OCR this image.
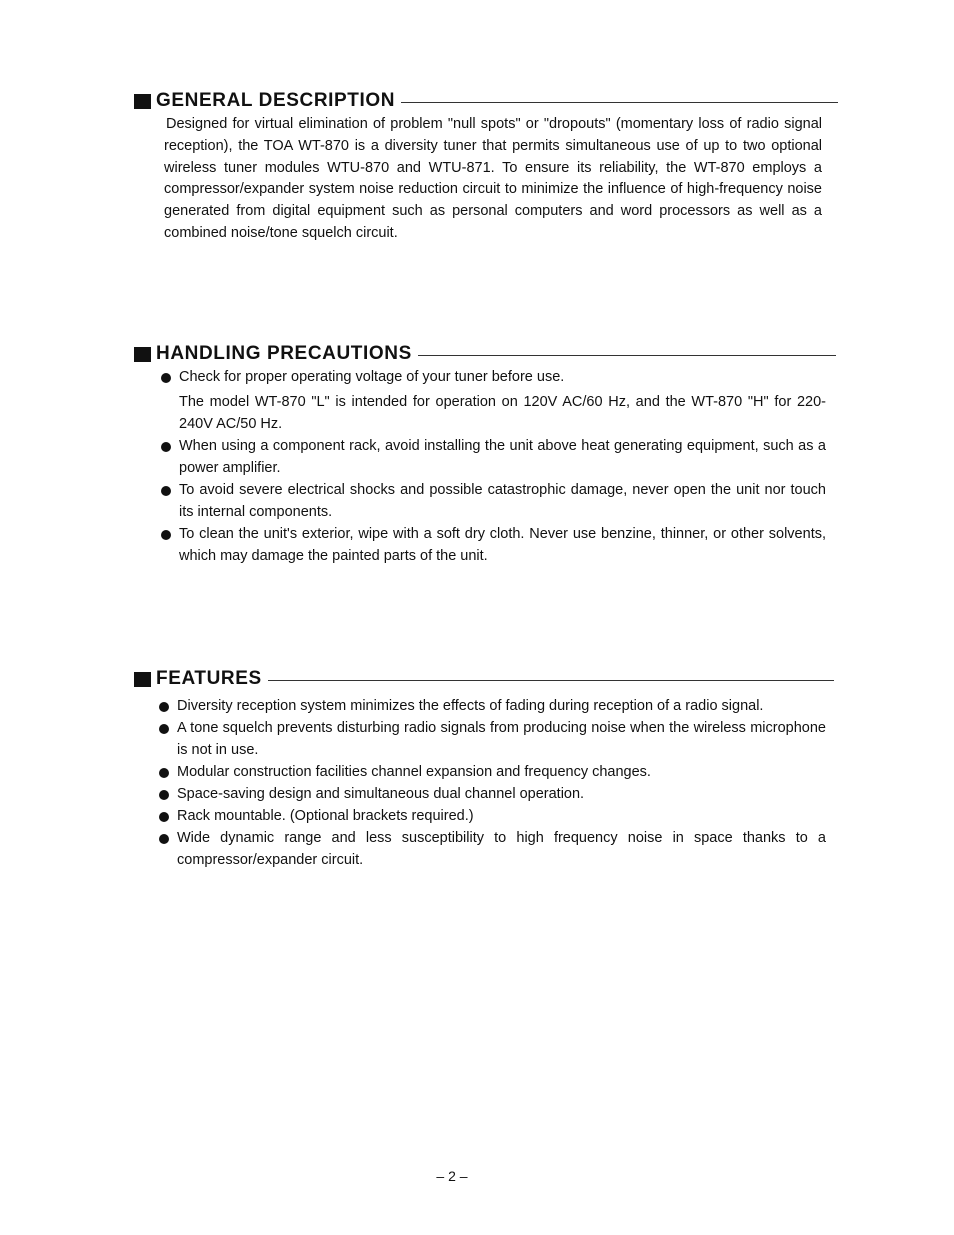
GENERAL DESCRIPTION

Designed for virtual elimination of problem "null spots" or "dropouts" (momentary loss of radio signal reception), the TOA WT-870 is a diversity tuner that permits simultaneous use of up to two optional wireless tuner modules WTU-870 and WTU-871. To ensure its reliability, the WT-870 employs a compressor/expander system noise reduction circuit to minimize the influence of high-frequency noise generated from digital equipment such as personal computers and word processors as well as a combined noise/tone squelch circuit.

HANDLING PRECAUTIONS
Check for proper operating voltage of your tuner before use.
The model WT-870 "L" is intended for operation on 120V AC/60 Hz, and the WT-870 "H" for 220-240V AC/50 Hz.
When using a component rack, avoid installing the unit above heat generating equipment, such as a power amplifier.
To avoid severe electrical shocks and possible catastrophic damage, never open the unit nor touch its internal components.
To clean the unit's exterior, wipe with a soft dry cloth. Never use benzine, thinner, or other solvents, which may damage the painted parts of the unit.
FEATURES
Diversity reception system minimizes the effects of fading during reception of a radio signal.
A tone squelch prevents disturbing radio signals from producing noise when the wireless microphone is not in use.
Modular construction facilities channel expansion and frequency changes.
Space-saving design and simultaneous dual channel operation.
Rack mountable. (Optional brackets required.)
Wide dynamic range and less susceptibility to high frequency noise in space thanks to a compressor/expander circuit.
– 2 –
